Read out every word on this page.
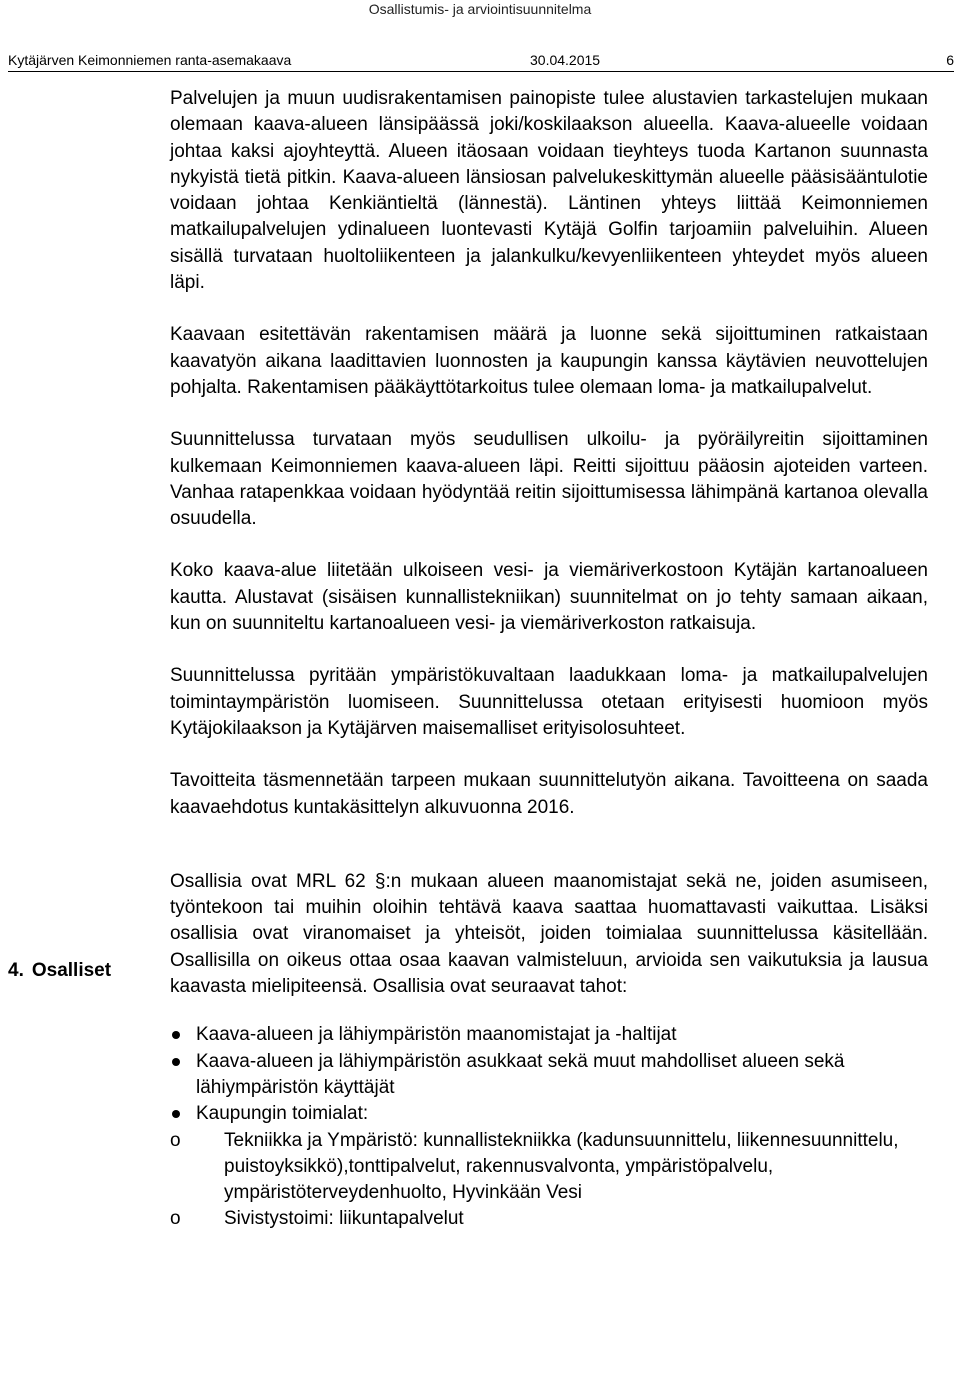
Osallistumis- ja arviointisuunnitelma
Kytäjärven Keimonniemen ranta-asemakaava	30.04.2015	6

Palvelujen ja muun uudisrakentamisen painopiste tulee alustavien tarkastelujen mukaan olemaan kaava-alueen länsipäässä joki/koskilaakson alueella. Kaava-alueelle voidaan johtaa kaksi ajoyhteyttä. Alueen itäosaan voidaan tieyhteys tuoda Kartanon suunnasta nykyistä tietä pitkin. Kaava-alueen länsiosan palvelukeskittymän alueelle pääsisääntulotie voidaan johtaa Kenkiäntieltä (lännestä). Läntinen yhteys liittää Keimonniemen matkailupalvelujen ydinalueen luontevasti Kytäjä Golfin tarjoamiin palveluihin. Alueen sisällä turvataan huoltoliikenteen ja jalankulku/kevyenliikenteen yhteydet myös alueen läpi.

Kaavaan esitettävän rakentamisen määrä ja luonne sekä sijoittuminen ratkaistaan kaavatyön aikana laadittavien luonnosten ja kaupungin kanssa käytävien neuvottelujen pohjalta. Rakentamisen pääkäyttötarkoitus tulee olemaan loma- ja matkailupalvelut.

Suunnittelussa turvataan myös seudullisen ulkoilu- ja pyöräilyreitin sijoittaminen kulkemaan Keimonniemen kaava-alueen läpi. Reitti sijoittuu pääosin ajoteiden varteen. Vanhaa ratapenkkaa voidaan hyödyntää reitin sijoittumisessa lähimpänä kartanoa olevalla osuudella.

Koko kaava-alue liitetään ulkoiseen vesi- ja viemäriverkostoon Kytäjän kartanoalueen kautta. Alustavat (sisäisen kunnallistekniikan) suunnitelmat on jo tehty samaan aikaan, kun on suunniteltu kartanoalueen vesi- ja viemäriverkoston ratkaisuja.

Suunnittelussa pyritään ympäristökuvaltaan laadukkaan loma- ja matkailupalvelujen toimintaympäristön luomiseen. Suunnittelussa otetaan erityisesti huomioon myös Kytäjokilaakson ja Kytäjärven maisemalliset erityisolosuhteet.

Tavoitteita täsmennetään tarpeen mukaan suunnittelutyön aikana. Tavoitteena on saada kaavaehdotus kuntakäsittelyn alkuvuonna 2016.

Osallisia ovat MRL 62 §:n mukaan alueen maanomistajat sekä ne, joiden asumiseen, työntekoon tai muihin oloihin tehtävä kaava saattaa huomattavasti vaikuttaa. Lisäksi osallisia ovat viranomaiset ja yhteisöt, joiden toimialaa suunnittelussa käsitellään. Osallisilla on oikeus ottaa osaa kaavan valmisteluun, arvioida sen vaikutuksia ja lausua kaavasta mielipiteensä. Osallisia ovat seuraavat tahot:

Kaava-alueen ja lähiympäristön maanomistajat ja -haltijat
Kaava-alueen ja lähiympäristön asukkaat sekä muut mahdolliset alueen sekä lähiympäristön käyttäjät
Kaupungin toimialat:
o Tekniikka ja Ympäristö: kunnallistekniikka (kadunsuunnittelu, liikennesuunnittelu, puistoyksikkö),tonttipalvelut, rakennusvalvonta, ympäristöpalvelu, ympäristöterveydenhuolto, Hyvinkään Vesi
o Sivistystoimi: liikuntapalvelut
4. Osalliset
